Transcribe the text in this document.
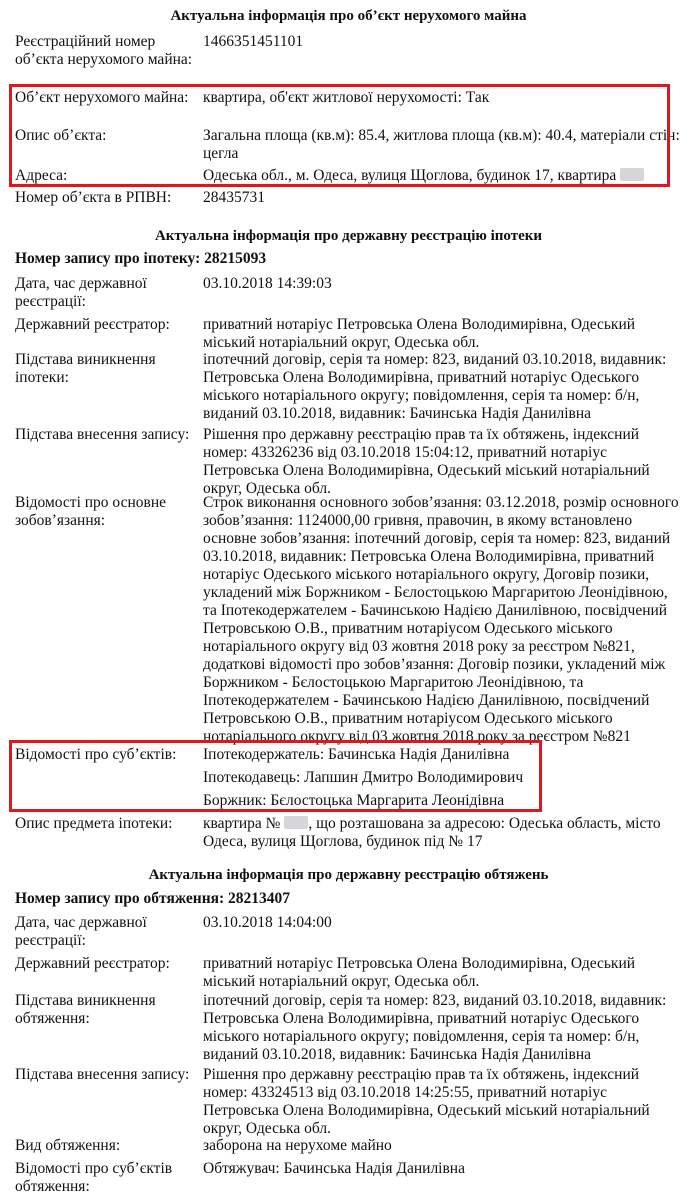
Актуальна інформація про об’єкт нерухомого майна
Реєстраційний номер об’єкта нерухомого майна:
1466351451101
Об’єкт нерухомого майна: квартира, об'єкт житлової нерухомості: Так
Опис об’єкта:	Загальна площа (кв.м): 85.4, житлова площа (кв.м): 40.4, матеріали стін: цегла
Адреса:	Одеська обл., м. Одеса, вулиця Щоглова, будинок 17, квартира
Номер об’єкта в РПВН:	28435731
Актуальна інформація про державну реєстрацію іпотеки
Номер запису про іпотеку: 28215093
Дата, час державної реєстрації:
03.10.2018 14:39:03
Державний реєстратор:	приватний нотаріус Петровська Олена Володимирівна, Одеський міський нотаріальний округ, Одеська обл.
Підстава виникнення іпотеки:
іпотечний договір, серія та номер: 823, виданий 03.10.2018, видавник: Петровська Олена Володимирівна, приватний нотаріус Одеського міського нотаріального округу; повідомлення, серія та номер: б/н, виданий 03.10.2018, видавник: Бачинська Надія Данилівна
Підстава внесення запису: Рішення про державну реєстрацію прав та їх обтяжень, індексний номер: 43326236 від 03.10.2018 15:04:12, приватний нотаріус Петровська Олена Володимирівна, Одеський міський нотаріальний округ, Одеська обл.
Відомості про основне зобов’язання:
Строк виконання основного зобов’язання: 03.12.2018, розмір основного зобов’язання: 1124000,00 гривня, правочин, в якому встановлено основне зобов’язання: іпотечний договір, серія та номер: 823, виданий 03.10.2018, видавник: Петровська Олена Володимирівна, приватний нотаріус Одеського міського нотаріального округу, Договір позики, укладений між Боржником - Бєлостоцькою Маргаритою Леонідівною, та Іпотекодержателем - Бачинською Надією Данилівною, посвідчений Петровською О.В., приватним нотаріусом Одеського міського нотаріального округу від 03 жовтня 2018 року за реєстром №821, додаткові відомості про зобов’язання: Договір позики, укладений між Боржником - Бєлостоцькою Маргаритою Леонідівною, та Іпотекодержателем - Бачинською Надією Данилівною, посвідчений Петровською О.В., приватним нотаріусом Одеського міського нотаріального округу від 03 жовтня 2018 року за реєстром №821
Відомості про суб’єктів:	Іпотекодержатель: Бачинська Надія Данилівна
Іпотекодавець: Лапшин Дмитро Володимирович
Боржник: Бєлостоцька Маргарита Леонідівна
Опис предмета іпотеки:	квартира № , що розташована за адресою: Одеська область, місто Одеса, вулиця Щоглова, будинок під № 17
Актуальна інформація про державну реєстрацію обтяжень
Номер запису про обтяження: 28213407
Дата, час державної реєстрації:
03.10.2018 14:04:00
Державний реєстратор:	приватний нотаріус Петровська Олена Володимирівна, Одеський міський нотаріальний округ, Одеська обл.
Підстава виникнення обтяження:
іпотечний договір, серія та номер: 823, виданий 03.10.2018, видавник: Петровська Олена Володимирівна, приватний нотаріус Одеського міського нотаріального округу; повідомлення, серія та номер: б/н, виданий 03.10.2018, видавник: Бачинська Надія Данилівна
Підстава внесення запису: Рішення про державну реєстрацію прав та їх обтяжень, індексний номер: 43324513 від 03.10.2018 14:25:55, приватний нотаріус Петровська Олена Володимирівна, Одеський міський нотаріальний округ, Одеська обл.
Вид обтяження:	заборона на нерухоме майно
Відомості про суб’єктів обтяження:
Обтяжувач: Бачинська Надія Данилівна
